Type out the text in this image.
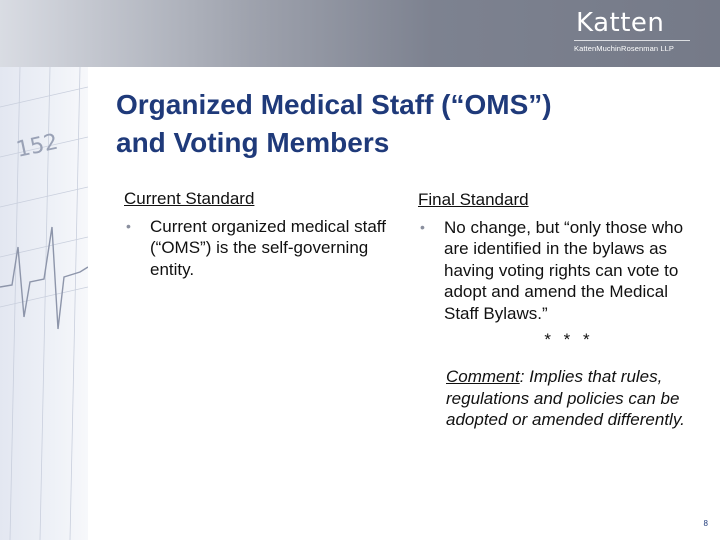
Katten
KattenMuchinRosenman LLP
152
Organized Medical Staff (“OMS”)
and Voting Members
Current Standard
•	Current organized medical staff (“OMS”) is the self-governing entity.
Final Standard
•	No change, but “only those who are identified in the bylaws as having voting rights can vote to adopt and amend the Medical Staff Bylaws.”
* * *
Comment: Implies that rules, regulations and policies can be adopted or amended differently.
8
